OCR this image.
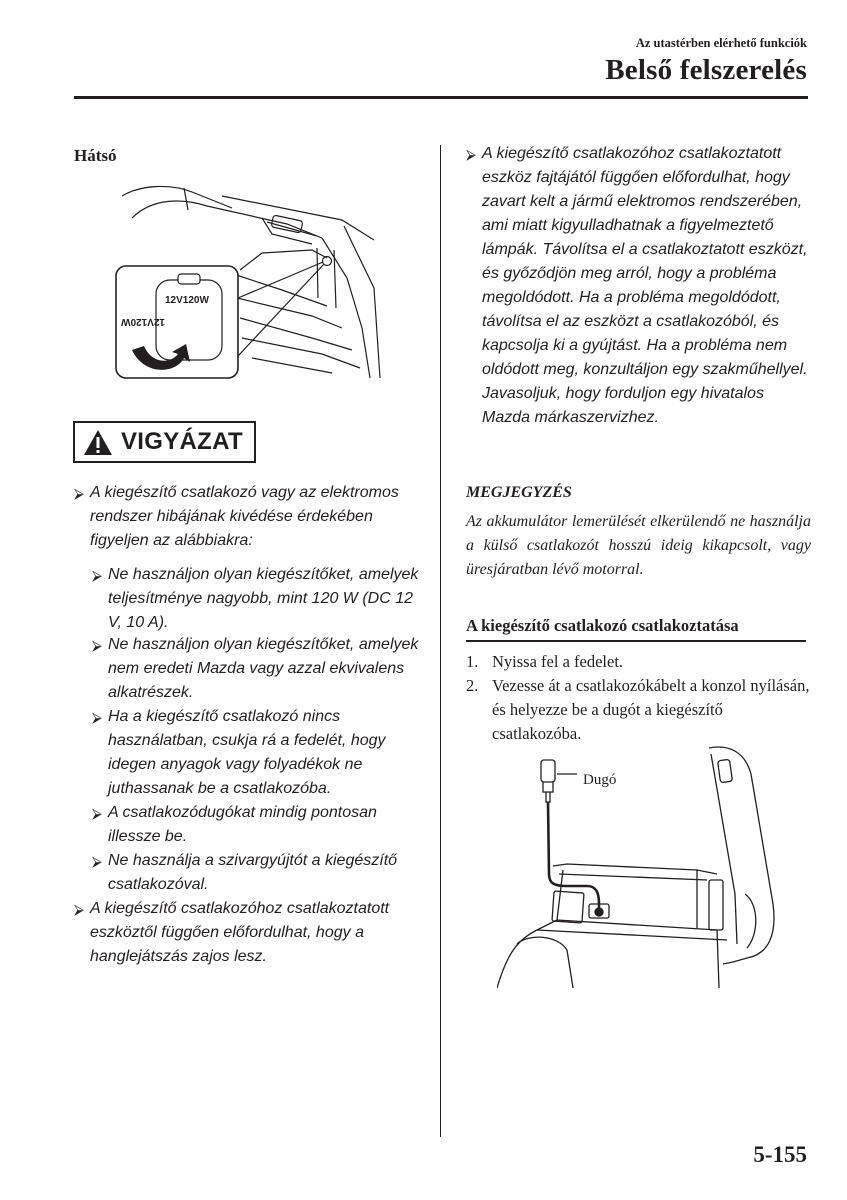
Az utastérben elérhető funkciók
Belső felszerelés
Hátsó
12V120W
12V120W
VIGYÁZAT
⮚ A kiegészítő csatlakozó vagy az elektromos rendszer hibájának kivédése érdekében figyeljen az alábbiakra:
⮚ Ne használjon olyan kiegészítőket, amelyek teljesítménye nagyobb, mint 120 W (DC 12 V, 10 A).
⮚ Ne használjon olyan kiegészítőket, amelyek nem eredeti Mazda vagy azzal ekvivalens alkatrészek.
⮚ Ha a kiegészítő csatlakozó nincs használatban, csukja rá a fedelét, hogy idegen anyagok vagy folyadékok ne juthassanak be a csatlakozóba.
⮚ A csatlakozódugókat mindig pontosan illessze be.
⮚ Ne használja a szivargyújtót a kiegészítő csatlakozóval.
⮚ A kiegészítő csatlakozóhoz csatlakoztatott eszköztől függően előfordulhat, hogy a hanglejátszás zajos lesz.
⮚ A kiegészítő csatlakozóhoz csatlakoztatott eszköz fajtájától függően előfordulhat, hogy zavart kelt a jármű elektromos rendszerében, ami miatt kigyulladhatnak a figyelmeztető lámpák. Távolítsa el a csatlakoztatott eszközt, és győződjön meg arról, hogy a probléma megoldódott. Ha a probléma megoldódott, távolítsa el az eszközt a csatlakozóból, és kapcsolja ki a gyújtást. Ha a probléma nem oldódott meg, konzultáljon egy szakműhellyel. Javasoljuk, hogy forduljon egy hivatalos Mazda márkaszervizhez.
MEGJEGYZÉS
Az akkumulátor lemerülését elkerülendő ne használja a külső csatlakozót hosszú ideig kikapcsolt, vagy üresjáratban lévő motorral.
A kiegészítő csatlakozó csatlakoztatása
1. Nyissa fel a fedelet.
2. Vezesse át a csatlakozókábelt a konzol nyílásán, és helyezze be a dugót a kiegészítő csatlakozóba.
Dugó
5-155
